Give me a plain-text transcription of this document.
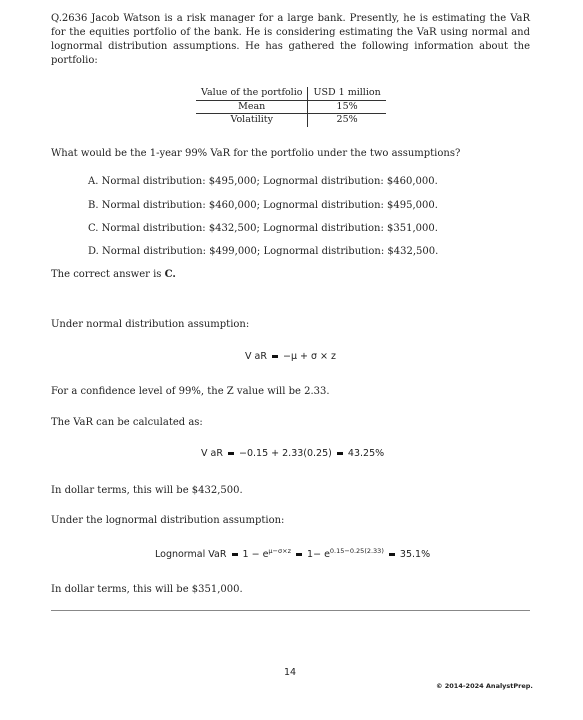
Q.2636 Jacob Watson is a risk manager for a large bank. Presently, he is estimating the VaR for the equities portfolio of the bank. He is considering estimating the VaR using normal and lognormal distribution assumptions. He has gathered the following information about the portfolio:
Value of the portfolio	USD 1 million
Mean	15%
Volatility	25%
What would be the 1-year 99% VaR for the portfolio under the two assumptions?
A. Normal distribution: $495,000; Lognormal distribution: $460,000.
B. Normal distribution: $460,000; Lognormal distribution: $495,000.
C. Normal distribution: $432,500; Lognormal distribution: $351,000.
D. Normal distribution: $499,000; Lognormal distribution: $432,500.
The correct answer is C.
Under normal distribution assumption:
V aR −μ + σ × z
For a confidence level of 99%, the Z value will be 2.33.
The VaR can be calculated as:
V aR −0.15 + 2.33(0.25) 43.25%
In dollar terms, this will be $432,500.
Under the lognormal distribution assumption:
Lognormal VaR $1 - e^{\mu-\sigma\times z}$ $1- e^{0.15-0.25(2.33)}$ 35.1%
In dollar terms, this will be $351,000.
14
© 2014-2024 AnalystPrep.
